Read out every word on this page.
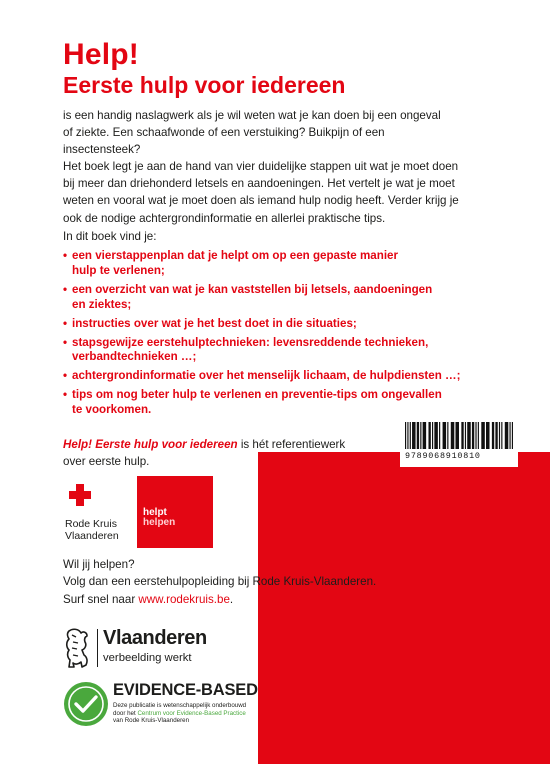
Help!
Eerste hulp voor iedereen

is een handig naslagwerk als je wil weten wat je kan doen bij een ongeval
of ziekte. Een schaafwonde of een verstuiking? Buikpijn of een insectensteek?
Het boek legt je aan de hand van vier duidelijke stappen uit wat je moet doen
bij meer dan driehonderd letsels en aandoeningen. Het vertelt je wat je moet
weten en vooral wat je moet doen als iemand hulp nodig heeft. Verder krijg je
ook de nodige achtergrondinformatie en allerlei praktische tips.

In dit boek vind je:

• een vierstappenplan dat je helpt om op een gepaste manier
hulp te verlenen;
• een overzicht van wat je kan vaststellen bij letsels, aandoeningen
en ziektes;
• instructies over wat je het best doet in die situaties;
• stapsgewijze eerstehulptechnieken: levensreddende technieken,
verbandtechnieken …;
• achtergrondinformatie over het menselijk lichaam, de hulpdiensten …;
• tips om nog beter hulp te verlenen en preventie-tips om ongevallen
te voorkomen.
9789068910810

Help! Eerste hulp voor iedereen is hét referentiewerk
over eerste hulp.

Rode Kruis
Vlaanderen
helpt
helpen

Wil jij helpen?
Volg dan een eerstehulpopleiding bij Rode Kruis-Vlaanderen.
Surf snel naar www.rodekruis.be.

Vlaanderen
verbeelding werkt
EVIDENCE-BASED
Deze publicatie is wetenschappelijk onderbouwd
door het Centrum voor Evidence-Based Practice
van Rode Kruis-Vlaanderen
